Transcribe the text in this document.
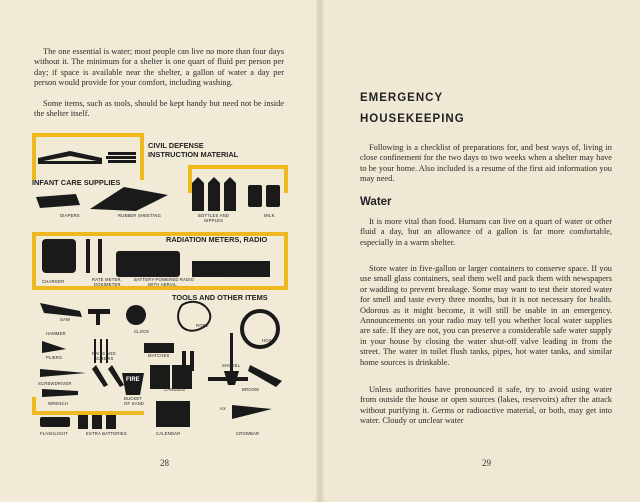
The one essential is water; most people can live no more than four days without it. The minimum for a shelter is one quart of fluid per person per day; if space is available near the shelter, a gallon of water a day per person would provide for your comfort, including washing.

Some items, such as tools, should be kept handy but need not be inside the shelter itself.

CIVIL DEFENSE
INSTRUCTION MATERIAL
INFANT CARE SUPPLIES
DIAPERS	RUBBER SHEETING	BOTTLES AND
NIPPLES
MILK
RADIATION METERS, RADIO
EXTRA BATTERIES
CHARGER	RATE METER,
DOSIMETER
BATTERY-POWERED RADIO
WITH AERIAL
TOOLS AND OTHER ITEMS
SAW
HAMMER	CLOCK
ROPE
HOSE
NAILS AND
SCREWS
MATCHES
PLIERS
SHOVEL
SCREWDRIVER
CANDLES	BROOM
FIRE
BUCKET
OF SAND
WRENCH
AX
FLASHLIGHT	EXTRA BATTERIES	CALENDAR	CROWBAR
28
EMERGENCY
HOUSEKEEPING

Following is a checklist of preparations for, and best ways of, living in close confinement for the two days to two weeks when a shelter may have to be your home. Also included is a resume of the first aid information you may need.

Water

It is more vital than food. Humans can live on a quart of water or other fluid a day, but an allowance of a gallon is far more comfortable, especially in a warm shelter.

Store water in five-gallon or larger containers to conserve space. If you use small glass containers, seal them well and pack them with newspapers or wadding to prevent breakage. Some may want to test their stored water for smell and taste every three months, but it is not necessary for health. Odorous as it might become, it will still be usable in an emergency. Announcements on your radio may tell you whether local water supplies are safe. If they are not, you can preserve a considerable safe water supply in your house by closing the water shut-off valve leading in from the street. The water in toilet flush tanks, pipes, hot water tanks, and similar home sources is drinkable.

Unless authorities have pronounced it safe, try to avoid using water from outside the house or open sources (lakes, reservoirs) after the attack without purifying it. Germs or radioactive material, or both, may get into water. Cloudy or unclear water

29
